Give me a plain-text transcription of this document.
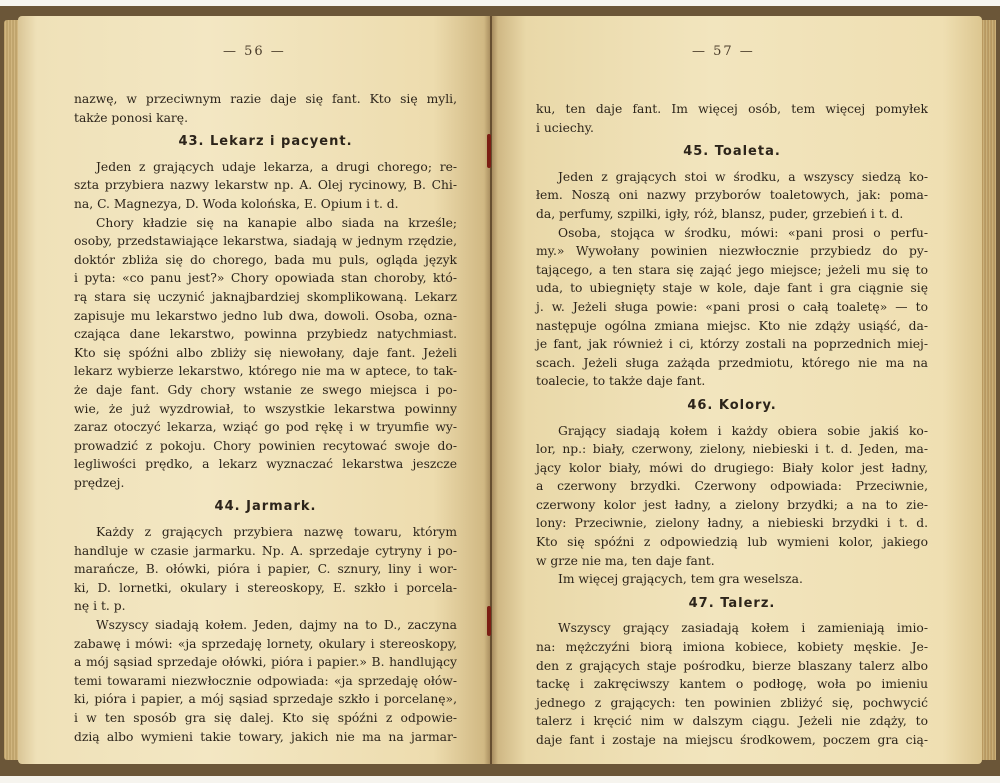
— 56 —
nazwę, w przeciwnym razie daje się fant. Kto się myli,
także ponosi karę.
43. Lekarz i pacyent.
Jeden z grających udaje lekarza, a drugi chorego; re-
szta przybiera nazwy lekarstw np. A. Olej rycinowy, B. Chi-
na, C. Magnezya, D. Woda kolońska, E. Opium i t. d.
Chory kładzie się na kanapie albo siada na krześle;
osoby, przedstawiające lekarstwa, siadają w jednym rzędzie,
doktór zbliża się do chorego, bada mu puls, ogląda język
i pyta: «co panu jest?» Chory opowiada stan choroby, któ-
rą stara się uczynić jaknajbardziej skomplikowaną. Lekarz
zapisuje mu lekarstwo jedno lub dwa, dowoli. Osoba, ozna-
czająca dane lekarstwo, powinna przybiedz natychmiast.
Kto się spóźni albo zbliży się niewołany, daje fant. Jeżeli
lekarz wybierze lekarstwo, którego nie ma w aptece, to tak-
że daje fant. Gdy chory wstanie ze swego miejsca i po-
wie, że już wyzdrowiał, to wszystkie lekarstwa powinny
zaraz otoczyć lekarza, wziąć go pod rękę i w tryumfie wy-
prowadzić z pokoju. Chory powinien recytować swoje do-
legliwości prędko, a lekarz wyznaczać lekarstwa jeszcze
prędzej.
44. Jarmark.
Każdy z grających przybiera nazwę towaru, którym
handluje w czasie jarmarku. Np. A. sprzedaje cytryny i po-
marańcze, B. ołówki, pióra i papier, C. sznury, liny i wor-
ki, D. lornetki, okulary i stereoskopy, E. szkło i porcela-
nę i t. p.
Wszyscy siadają kołem. Jeden, dajmy na to D., zaczyna
zabawę i mówi: «ja sprzedaję lornety, okulary i stereoskopy,
a mój sąsiad sprzedaje ołówki, pióra i papier.» B. handlujący
temi towarami niezwłocznie odpowiada: «ja sprzedaję ołów-
ki, pióra i papier, a mój sąsiad sprzedaje szkło i porcelanę»,
i w ten sposób gra się dalej. Kto się spóźni z odpowie-
dzią albo wymieni takie towary, jakich nie ma na jarmar-
— 57 —
ku, ten daje fant. Im więcej osób, tem więcej pomyłek
i uciechy.
45. Toaleta.
Jeden z grających stoi w środku, a wszyscy siedzą ko-
łem. Noszą oni nazwy przyborów toaletowych, jak: poma-
da, perfumy, szpilki, igły, róż, blansz, puder, grzebień i t. d.
Osoba, stojąca w środku, mówi: «pani prosi o perfu-
my.» Wywołany powinien niezwłocznie przybiedz do py-
tającego, a ten stara się zająć jego miejsce; jeżeli mu się to
uda, to ubiegnięty staje w kole, daje fant i gra ciągnie się
j. w. Jeżeli sługa powie: «pani prosi o całą toaletę» — to
następuje ogólna zmiana miejsc. Kto nie zdąży usiąść, da-
je fant, jak również i ci, którzy zostali na poprzednich miej-
scach. Jeżeli sługa zażąda przedmiotu, którego nie ma na
toalecie, to także daje fant.
46. Kolory.
Grający siadają kołem i każdy obiera sobie jakiś ko-
lor, np.: biały, czerwony, zielony, niebieski i t. d. Jeden, ma-
jący kolor biały, mówi do drugiego: Biały kolor jest ładny,
a czerwony brzydki. Czerwony odpowiada: Przeciwnie,
czerwony kolor jest ładny, a zielony brzydki; a na to zie-
lony: Przeciwnie, zielony ładny, a niebieski brzydki i t. d.
Kto się spóźni z odpowiedzią lub wymieni kolor, jakiego
w grze nie ma, ten daje fant.
Im więcej grających, tem gra weselsza.
47. Talerz.
Wszyscy grający zasiadają kołem i zamieniają imio-
na: mężczyźni biorą imiona kobiece, kobiety męskie. Je-
den z grających staje pośrodku, bierze blaszany talerz albo
tackę i zakręciwszy kantem o podłogę, woła po imieniu
jednego z grających: ten powinien zbliżyć się, pochwycić
talerz i kręcić nim w dalszym ciągu. Jeżeli nie zdąży, to
daje fant i zostaje na miejscu środkowem, poczem gra cią-
